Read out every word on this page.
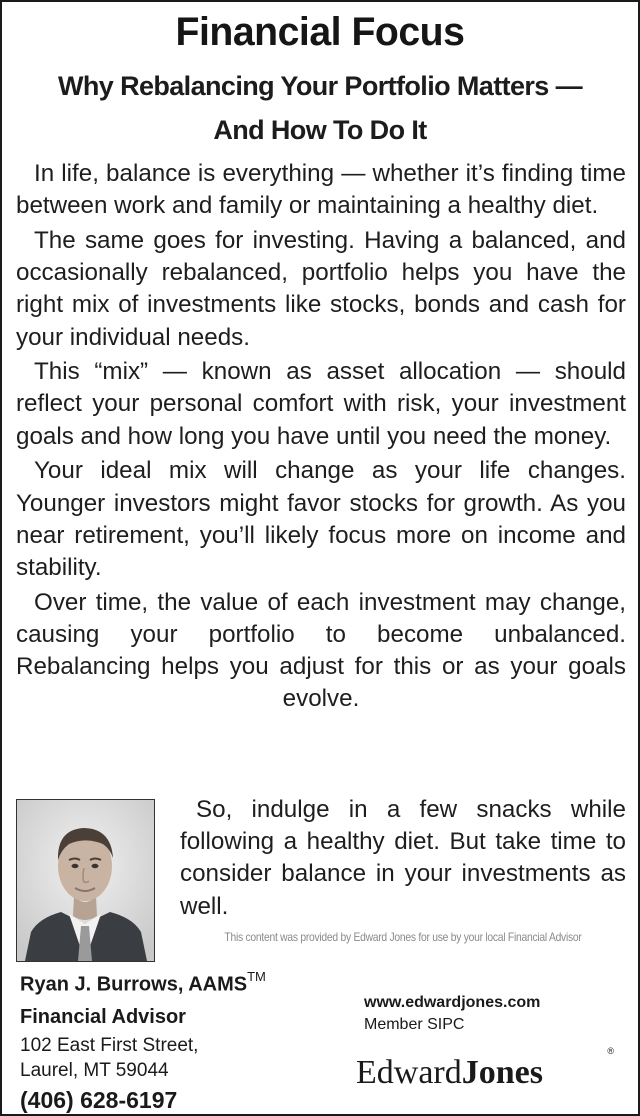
Financial Focus
Why Rebalancing Your Portfolio Matters —
And How To Do It

In life, balance is everything — whether it’s finding time between work and family or maintaining a healthy diet.

The same goes for investing. Having a balanced, and occasionally rebalanced, portfolio helps you have the right mix of investments like stocks, bonds and cash for your individual needs.

This “mix” — known as asset allocation — should reflect your personal comfort with risk, your investment goals and how long you have until you need the money.

Your ideal mix will change as your life changes. Younger investors might favor stocks for growth. As you near retirement, you’ll likely focus more on income and stability.

Over time, the value of each investment may change, causing your portfolio to become unbalanced. Rebalancing helps you adjust for this or as your goals evolve.

So, indulge in a few snacks while following a healthy diet. But take time to consider balance in your investments as well.
This content was provided by Edward Jones for use by your local Financial Advisor
Ryan J. Burrows, AAMS™
Financial Advisor
102 East First Street,
Laurel, MT 59044
(406) 628-6197
www.edwardjones.com
Member SIPC
EdwardJones
®
